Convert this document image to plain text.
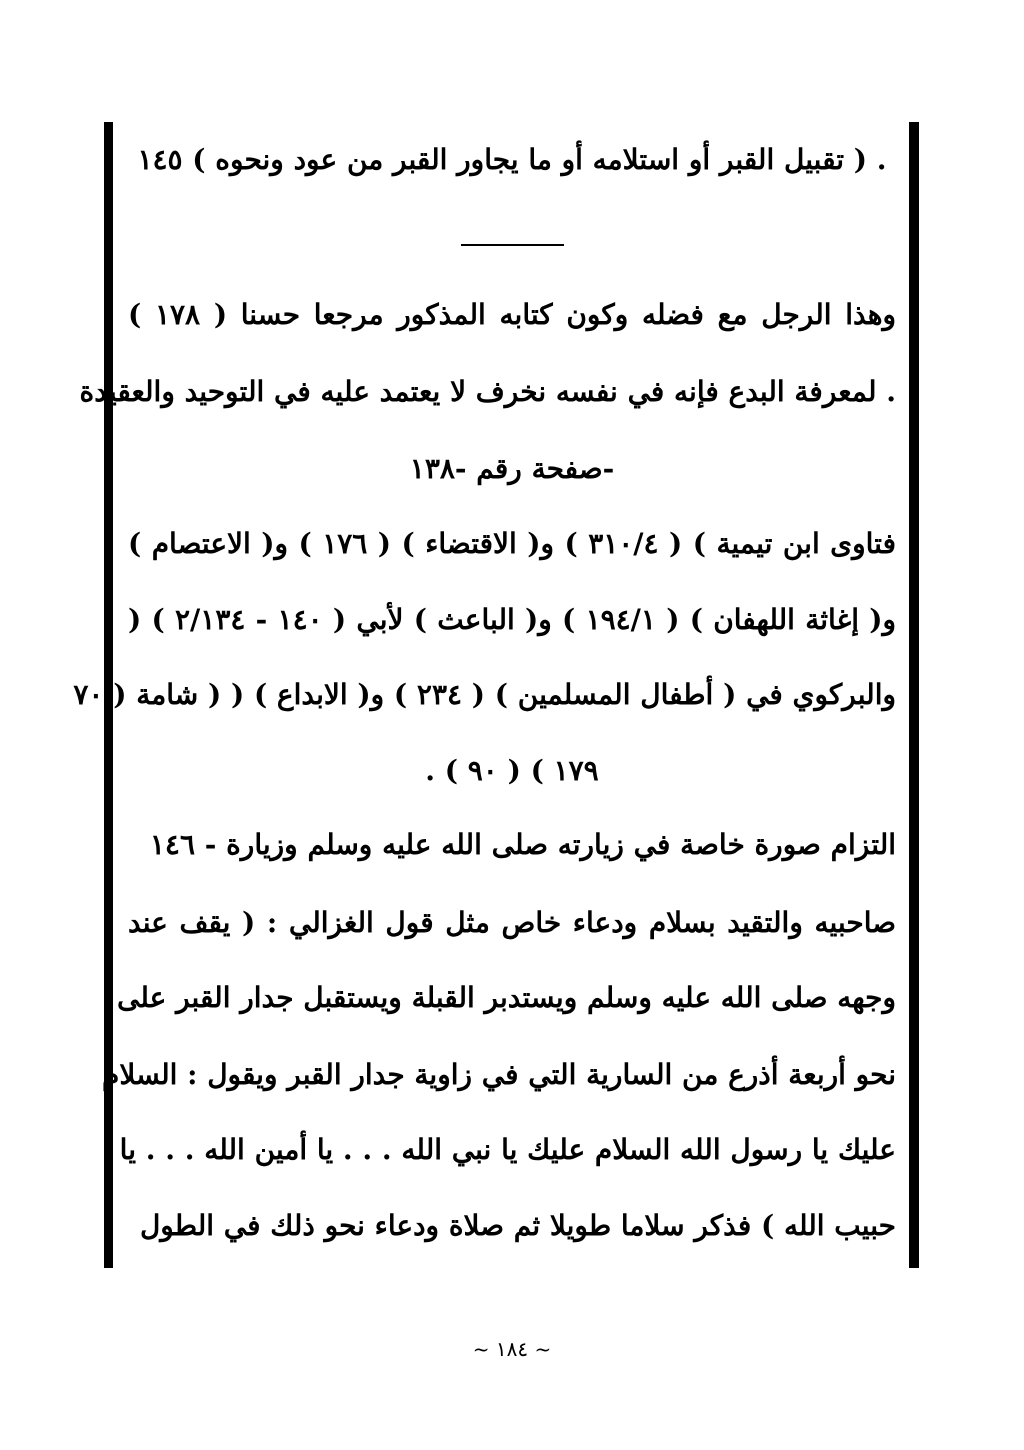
. ( تقبيل القبر أو استلامه أو ما يجاور القبر من عود ونحوه ) ١٤٥
وهذا الرجل مع فضله وكون كتابه المذكور مرجعا حسنا ( ١٧٨ )
. لمعرفة البدع فإنه في نفسه نخرف لا يعتمد عليه في التوحيد والعقيدة
-صفحة رقم -١٣٨
فتاوى ابن تيمية ) ( ٣١٠/٤ ) و( الاقتضاء ) ( ١٧٦ ) و( الاعتصام )
و( إغاثة اللهفان ) ( ١٩٤/١ ) و( الباعث ) لأبي ( ١٤٠ - ٢/١٣٤ ) (
والبركوي في ( أطفال المسلمين ) ( ٢٣٤ ) و( الابداع ) ( ( شامة ( ٧٠
. ( ٩٠ ) ( ١٧٩
التزام صورة خاصة في زيارته صلى الله عليه وسلم وزيارة - ١٤٦
صاحبيه والتقيد بسلام ودعاء خاص مثل قول الغزالي : ( يقف عند
وجهه صلى الله عليه وسلم ويستدبر القبلة ويستقبل جدار القبر على
نحو أربعة أذرع من السارية التي في زاوية جدار القبر ويقول : السلام
عليك يا رسول الله السلام عليك يا نبي الله . . . يا أمين الله . . . يا
حبيب الله ) فذكر سلاما طويلا ثم صلاة ودعاء نحو ذلك في الطول
~ ١٨٤ ~
